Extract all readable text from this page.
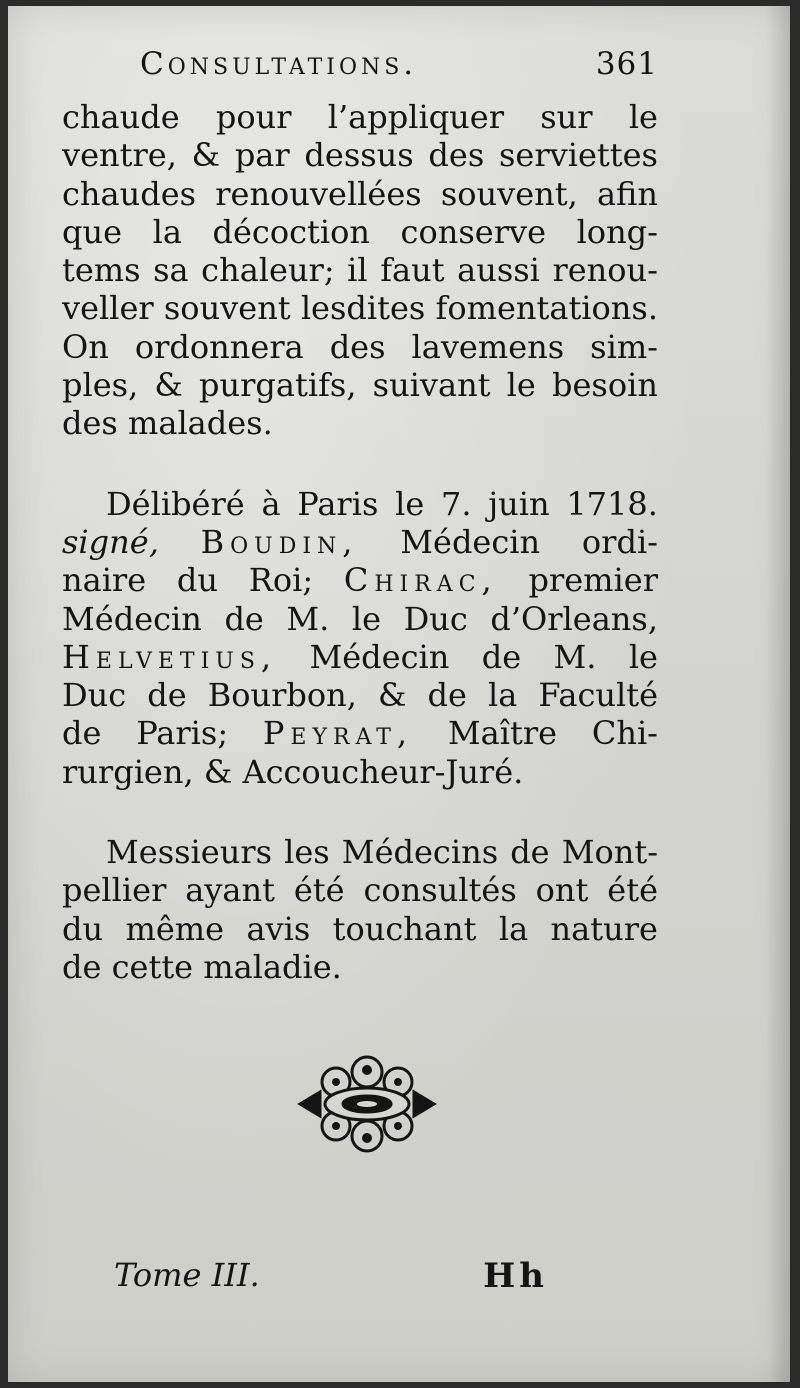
Consultations.	361
chaude pour l’appliquer sur le
ventre, & par dessus des serviettes
chaudes renouvellées souvent, afin
que la décoction conserve long-
tems sa chaleur; il faut aussi renou-
veller souvent lesdites fomentations.
On ordonnera des lavemens sim-
ples, & purgatifs, suivant le besoin
des malades.
Délibéré à Paris le 7. juin 1718.
signé, Boudin, Médecin ordi-
naire du Roi; Chirac, premier
Médecin de M. le Duc d’Orleans,
Helvetius, Médecin de M. le
Duc de Bourbon, & de la Faculté
de Paris; Peyrat, Maître Chi-
rurgien, & Accoucheur-Juré.
Messieurs les Médecins de Mont-
pellier ayant été consultés ont été
du même avis touchant la nature
de cette maladie.
Tome III.	Hh
